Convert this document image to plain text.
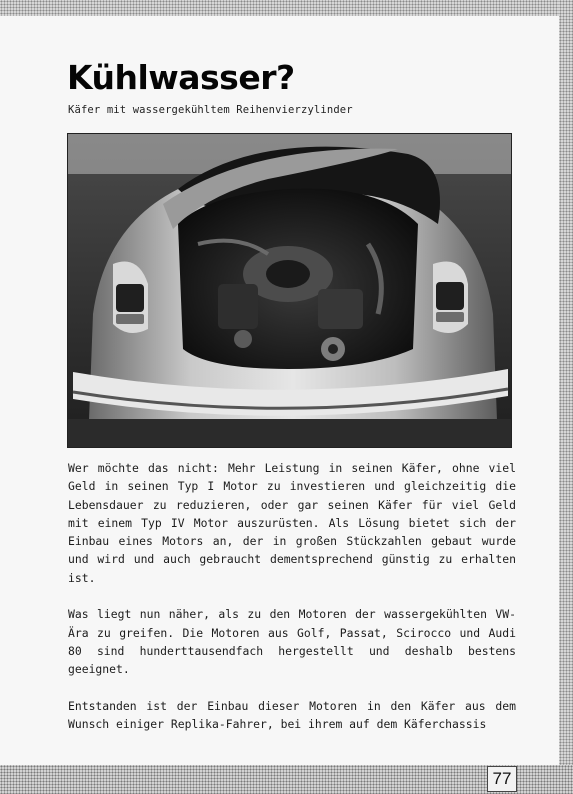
Kühlwasser?

Käfer mit wassergekühltem Reihenvierzylinder

Wer möchte das nicht: Mehr Leistung in seinen Käfer, ohne viel Geld in seinen Typ I Motor zu investieren und gleichzeitig die Lebensdauer zu reduzieren, oder gar seinen Käfer für viel Geld mit einem Typ IV Motor auszurüsten. Als Lösung bietet sich der Einbau eines Motors an, der in großen Stückzahlen gebaut wurde und wird und auch gebraucht dementsprechend günstig zu erhalten ist.

Was liegt nun näher, als zu den Motoren der wassergekühlten VW-Ära zu greifen. Die Motoren aus Golf, Passat, Scirocco und Audi 80 sind hunderttausendfach hergestellt und deshalb bestens geeignet.

Entstanden ist der Einbau dieser Motoren in den Käfer aus dem Wunsch einiger Replika-Fahrer, bei ihrem auf dem Käferchassis

77
